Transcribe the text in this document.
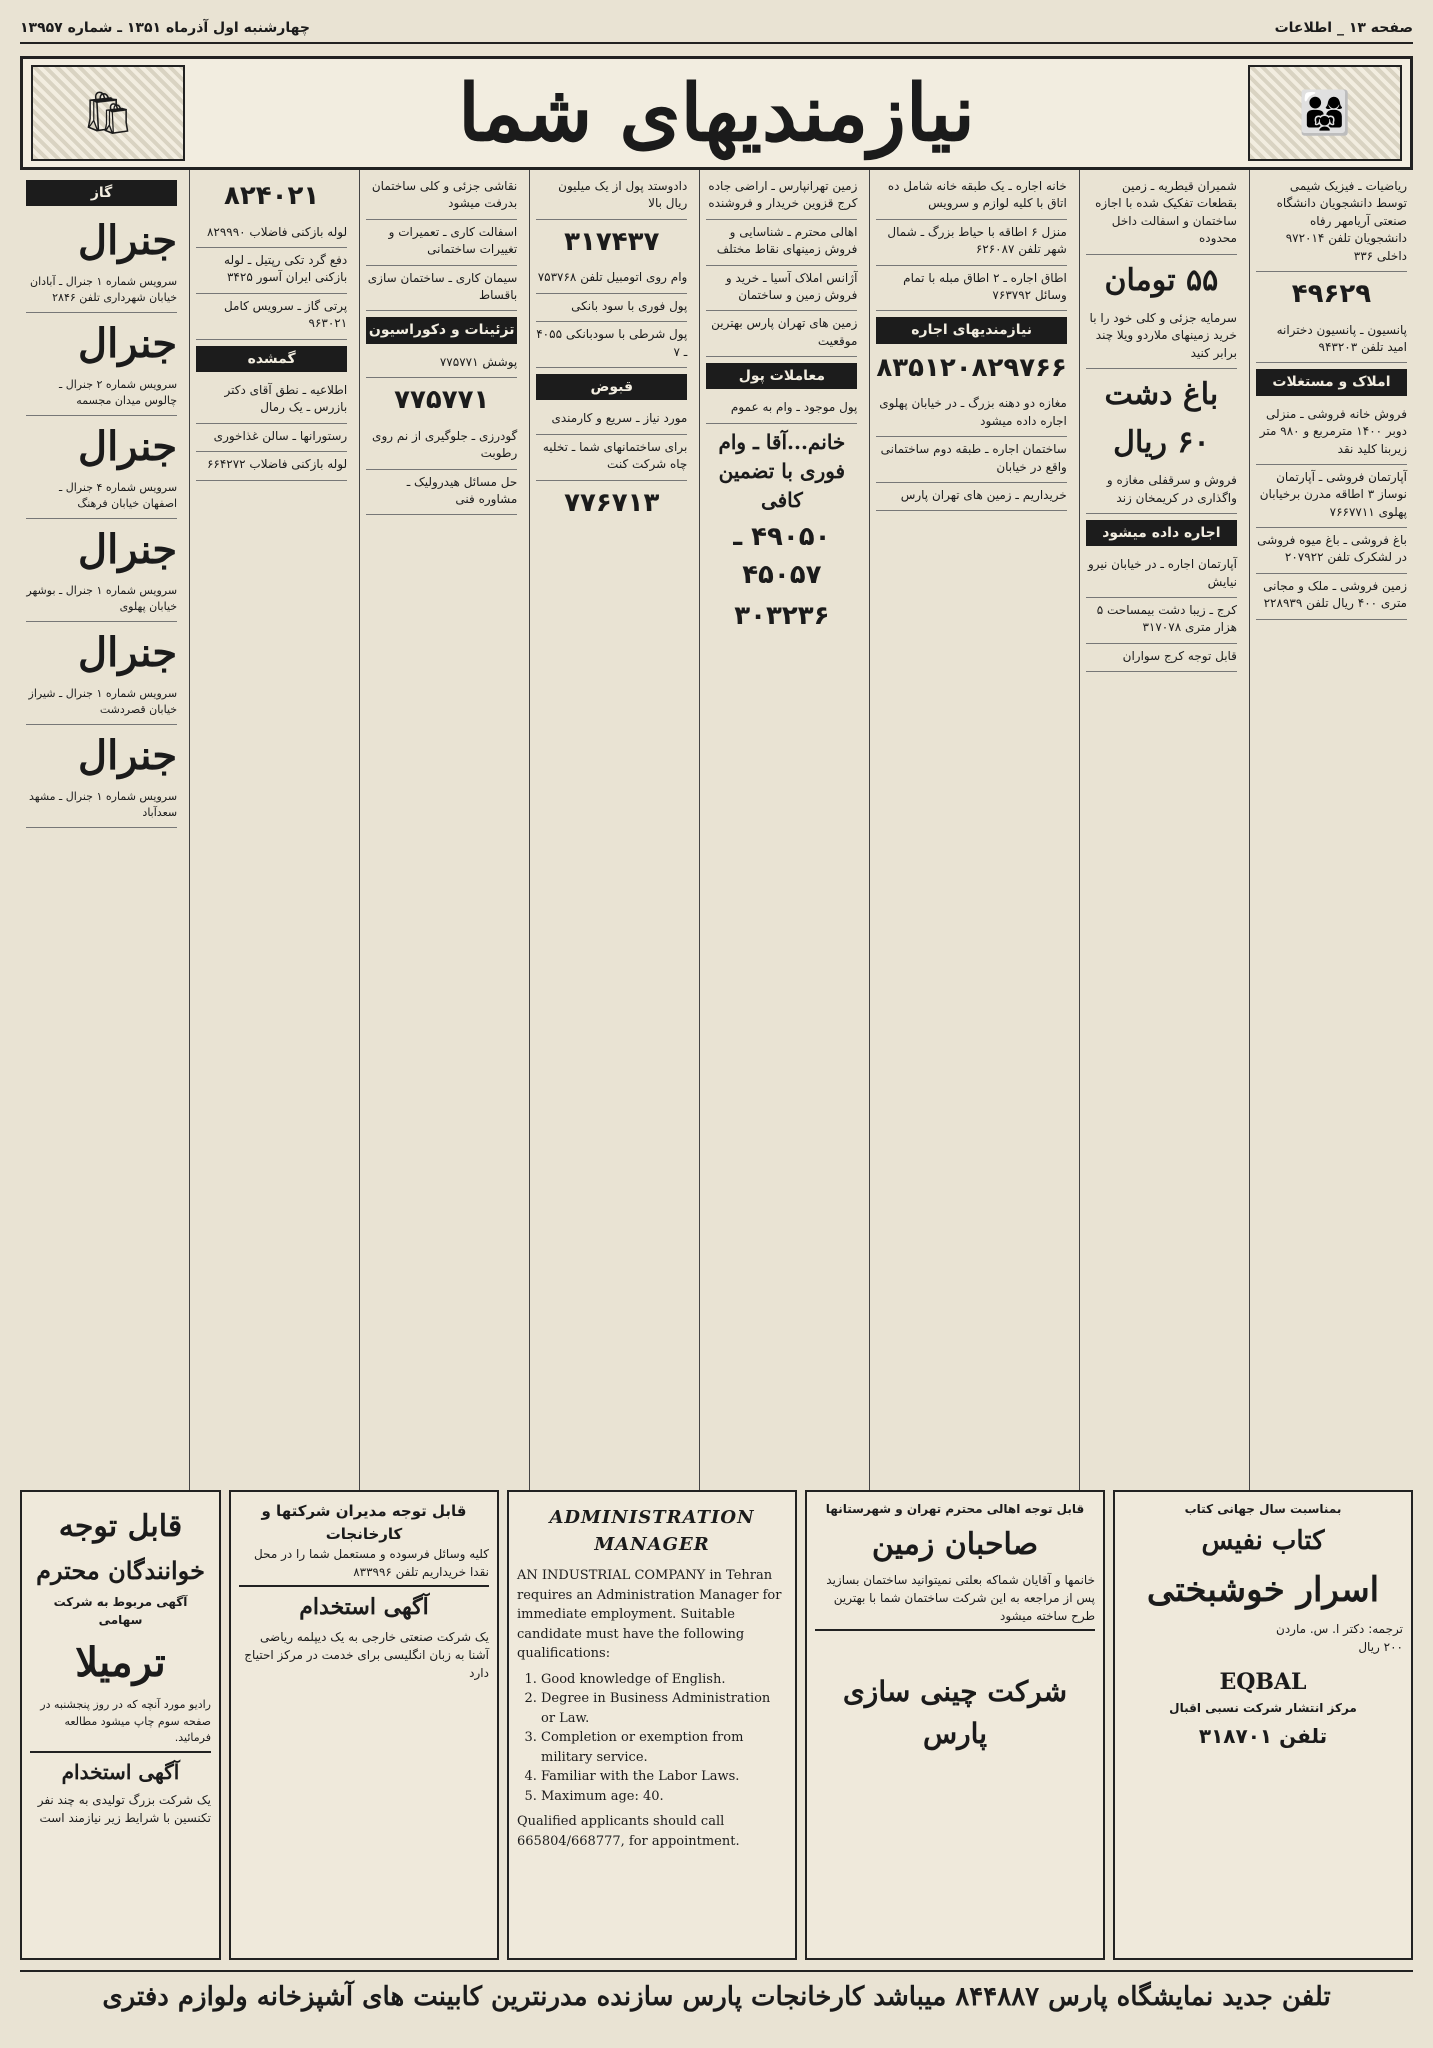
صفحه ۱۳ _ اطلاعات
چهارشنبه اول آذرماه ۱۳۵۱ ـ شماره ۱۳۹۵۷
👨‍👩‍👧
نیازمندیهای شما
🛍
ریاضیات ـ فیزیک شیمی توسط دانشجویان دانشگاه صنعتی آریامهر رفاه دانشجویان تلفن ۹۷۲۰۱۴ داخلی ۳۳۶
۴۹۶۲۹
پانسیون ـ پانسیون دخترانه امید تلفن ۹۴۳۲۰۳
املاک و مستغلات
فروش خانه فروشی ـ منزلی دوبر ۱۴۰۰ مترمربع و ۹۸۰ متر زیربنا کلید نقد
آپارتمان فروشی ـ آپارتمان نوساز ۳ اطاقه مدرن برخیابان پهلوی ۷۶۶۷۷۱۱
باغ فروشی ـ باغ میوه فروشی در لشکرک تلفن ۲۰۷۹۲۲
زمین فروشی ـ ملک و مجانی متری ۴۰۰ ریال تلفن ۲۲۸۹۳۹
شمیران قیطریه ـ زمین بقطعات تفکیک شده با اجازه ساختمان و اسفالت داخل محدوده
۵۵ تومان
سرمایه جزئی و کلی خود را با خرید زمینهای ملاردو ویلا چند برابر کنید
باغ دشت
۶۰ ریال
فروش و سرقفلی مغازه و واگذاری در کریمخان زند
اجاره داده میشود
آپارتمان اجاره ـ در خیابان نیرو نیایش
کرج ـ زیبا دشت بیمساحت ۵ هزار متری ۳۱۷۰۷۸
قابل توجه کرج سواران
خانه اجاره ـ یک طبقه خانه شامل ده اتاق با کلیه لوازم و سرویس
منزل ۶ اطاقه با حیاط بزرگ ـ شمال شهر تلفن ۶۲۶۰۸۷
اطاق اجاره ـ ۲ اطاق مبله با تمام وسائل ۷۶۳۷۹۲
نیازمندیهای اجاره
۸۳۵۱۲۰۸۲۹۷۶۶
مغازه دو دهنه بزرگ ـ در خیابان پهلوی اجاره داده میشود
ساختمان اجاره ـ طبقه دوم ساختمانی واقع در خیابان
خریداریم ـ زمین های تهران پارس
زمین تهرانپارس ـ اراضی جاده کرج قزوین خریدار و فروشنده
اهالی محترم ـ شناسایی و فروش زمینهای نقاط مختلف
آژانس املاک آسیا ـ خرید و فروش زمین و ساختمان
زمین های تهران پارس بهترین موقعیت
معاملات پول
پول موجود ـ وام به عموم
خانم...آقا ـ وام فوری با تضمین کافی
۴۹۰۵۰ ـ ۴۵۰۵۷
۳۰۳۲۳۶
دادوستد پول از یک میلیون ریال بالا
۳۱۷۴۳۷
وام روی اتومبیل تلفن ۷۵۳۷۶۸
پول فوری با سود بانکی
پول شرطی با سودبانکی ۴۰۵۵ ـ ۷
قبوض
مورد نیاز ـ سریع و کارمندی
برای ساختمانهای شما ـ تخلیه چاه شرکت کنت
۷۷۶۷۱۳
نقاشی جزئی و کلی ساختمان بدرفت میشود
اسفالت کاری ـ تعمیرات و تغییرات ساختمانی
سیمان کاری ـ ساختمان سازی باقساط
تزئینات و دکوراسیون
پوشش ۷۷۵۷۷۱
۷۷۵۷۷۱
گودرزی ـ جلوگیری از نم روی رطوبت
حل مسائل هیدرولیک ـ مشاوره فنی
۸۲۴۰۲۱
لوله بازکنی فاضلاب ۸۲۹۹۹۰
دفع گرد تکی رپتیل ـ لوله بازکنی ایران آسور ۳۴۲۵
پرتی گاز ـ سرویس کامل ۹۶۳۰۲۱
گمشده
اطلاعیه ـ نطق آقای دکتر بازرس ـ یک رمال
رستورانها ـ سالن غذاخوری
لوله بازکنی فاضلاب ۶۶۴۲۷۲
گاز
جنرال
سرویس شماره ۱ جنرال ـ آبادان خیابان شهرداری تلفن ۲۸۴۶
جنرال
سرویس شماره ۲ جنرال ـ چالوس میدان مجسمه
جنرال
سرویس شماره ۴ جنرال ـ اصفهان خیابان فرهنگ
جنرال
سرویس شماره ۱ جنرال ـ بوشهر خیابان پهلوی
جنرال
سرویس شماره ۱ جنرال ـ شیراز خیابان قصردشت
جنرال
سرویس شماره ۱ جنرال ـ مشهد سعدآباد
بمناسبت سال جهانی کتاب
کتاب نفیس
اسرار خوشبختی
ترجمه: دکتر ا. س. ماردن
۲۰۰ ریال
EQBAL
مرکز انتشار شرکت نسبی اقبال
تلفن ۳۱۸۷۰۱
قابل توجه اهالی محترم تهران و شهرستانها
صاحبان زمین
خانمها و آقایان شماکه بعلتی نمیتوانید ساختمان بسازید پس از مراجعه به این شرکت ساختمان شما با بهترین طرح ساخته میشود
شرکت چینی سازی پارس
ADMINISTRATION MANAGER
AN INDUSTRIAL COMPANY in Tehran requires an Administration Manager for immediate employment. Suitable candidate must have the following qualifications:
1. Good knowledge of English.
2. Degree in Business Administration or Law.
3. Completion or exemption from military service.
4. Familiar with the Labor Laws.
5. Maximum age: 40.
Qualified applicants should call 665804/668777, for appointment.
قابل توجه مدیران شرکتها و کارخانجات
کلیه وسائل فرسوده و مستعمل شما را در محل نقدا خریداریم تلفن ۸۳۳۹۹۶
آگهی استخدام
یک شرکت صنعتی خارجی به یک دیپلمه ریاضی آشنا به زبان انگلیسی برای خدمت در مرکز احتیاج دارد
قابل توجه
خوانندگان محترم
آگهی مربوط به شرکت سهامی
ترمیلا
رادیو مورد آنچه که در روز پنجشنبه در صفحه سوم چاپ میشود مطالعه فرمائید.
آگهی استخدام
یک شرکت بزرگ تولیدی به چند نفر تکنسین با شرایط زیر نیازمند است
تلفن جدید نمایشگاه پارس ۸۴۴۸۸۷ میباشد کارخانجات پارس سازنده مدرنترین کابینت های آشپزخانه ولوازم دفتری
